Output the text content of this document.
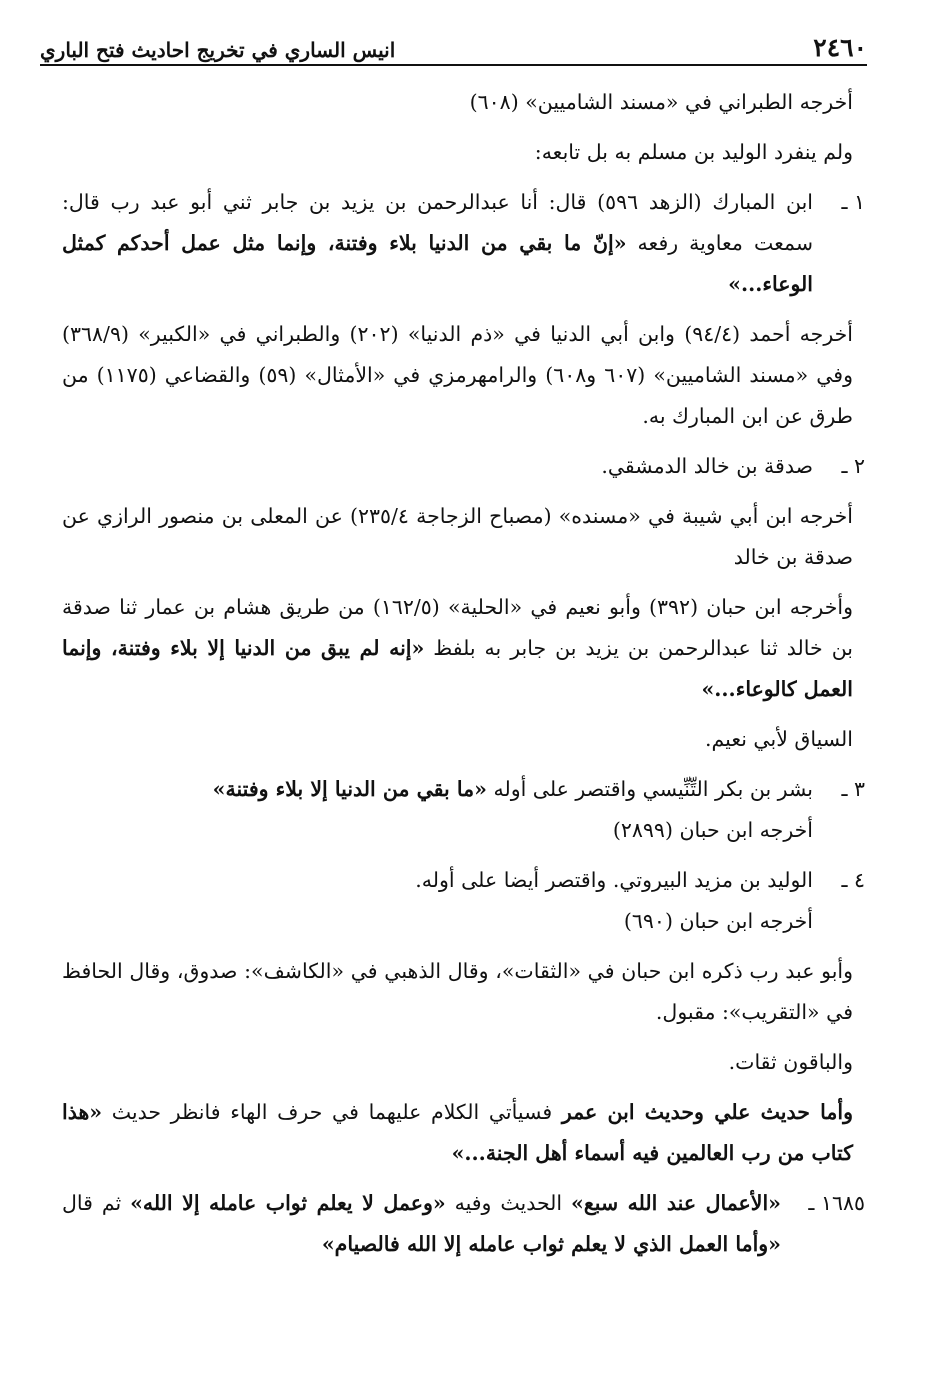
٢٤٦٠
انيس الساري في تخريج احاديث فتح الباري
أخرجه الطبراني في «مسند الشاميين» (٦٠٨)
ولم ينفرد الوليد بن مسلم به بل تابعه:
١ ـ
ابن المبارك (الزهد ٥٩٦) قال: أنا عبدالرحمن بن يزيد بن جابر ثني أبو عبد رب قال: سمعت معاوية رفعه «إنّ ما بقي من الدنيا بلاء وفتنة، وإنما مثل عمل أحدكم كمثل الوعاء...»
أخرجه أحمد (٩٤/٤) وابن أبي الدنيا في «ذم الدنيا» (٢٠٢) والطبراني في «الكبير» (٣٦٨/٩) وفي «مسند الشاميين» (٦٠٧ و٦٠٨) والرامهرمزي في «الأمثال» (٥٩) والقضاعي (١١٧٥) من طرق عن ابن المبارك به.
٢ ـ
صدقة بن خالد الدمشقي.
أخرجه ابن أبي شيبة في «مسنده» (مصباح الزجاجة ٢٣٥/٤) عن المعلى بن منصور الرازي عن صدقة بن خالد
وأخرجه ابن حبان (٣٩٢) وأبو نعيم في «الحلية» (١٦٢/٥) من طريق هشام بن عمار ثنا صدقة بن خالد ثنا عبدالرحمن بن يزيد بن جابر به بلفظ «إنه لم يبق من الدنيا إلا بلاء وفتنة، وإنما العمل كالوعاء...»
السياق لأبي نعيم.
٣ ـ
بشر بن بكر التِّنِّيسي واقتصر على أوله «ما بقي من الدنيا إلا بلاء وفتنة»
أخرجه ابن حبان (٢٨٩٩)
٤ ـ
الوليد بن مزيد البيروتي. واقتصر أيضا على أوله.
أخرجه ابن حبان (٦٩٠)
وأبو عبد رب ذكره ابن حبان في «الثقات»، وقال الذهبي في «الكاشف»: صدوق، وقال الحافظ في «التقريب»: مقبول.
والباقون ثقات.
وأما حديث علي وحديث ابن عمر فسيأتي الكلام عليهما في حرف الهاء فانظر حديث «هذا كتاب من رب العالمين فيه أسماء أهل الجنة...»
١٦٨٥ ـ
«الأعمال عند الله سبع» الحديث وفيه «وعمل لا يعلم ثواب عامله إلا الله» ثم قال «وأما العمل الذي لا يعلم ثواب عامله إلا الله فالصيام»
